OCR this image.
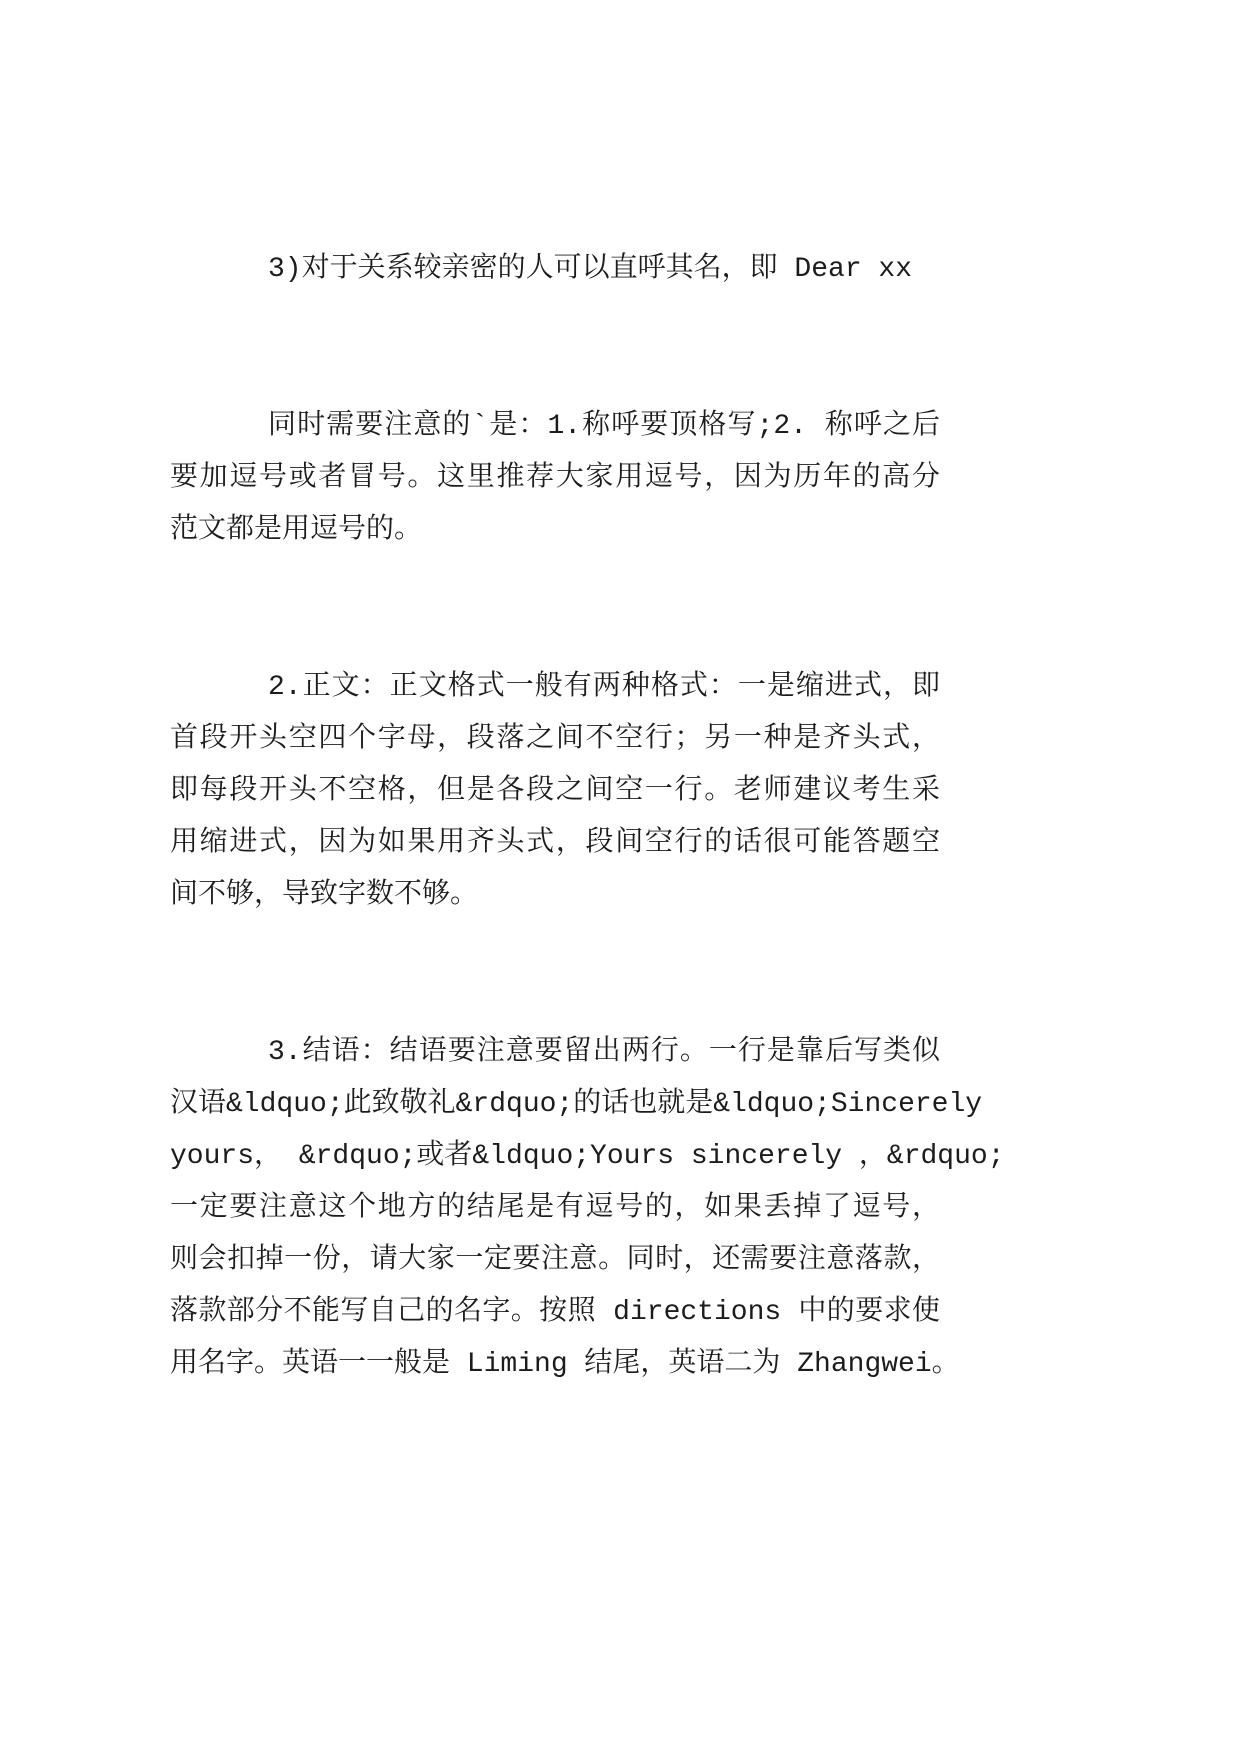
3)对于关系较亲密的人可以直呼其名，即 Dear xx
同时需要注意的`是：1.称呼要顶格写;2. 称呼之后
要加逗号或者冒号。这里推荐大家用逗号，因为历年的高分
范文都是用逗号的。
2.正文：正文格式一般有两种格式：一是缩进式，即
首段开头空四个字母，段落之间不空行；另一种是齐头式，
即每段开头不空格，但是各段之间空一行。老师建议考生采
用缩进式，因为如果用齐头式，段间空行的话很可能答题空
间不够，导致字数不够。
3.结语：结语要注意要留出两行。一行是靠后写类似
汉语&ldquo;此致敬礼&rdquo;的话也就是&ldquo;Sincerely
yours， &rdquo;或者&ldquo;Yours sincerely ，&rdquo;
一定要注意这个地方的结尾是有逗号的，如果丢掉了逗号，
则会扣掉一份，请大家一定要注意。同时，还需要注意落款，
落款部分不能写自己的名字。按照 directions 中的要求使
用名字。英语一一般是 Liming 结尾，英语二为 Zhangwei。
